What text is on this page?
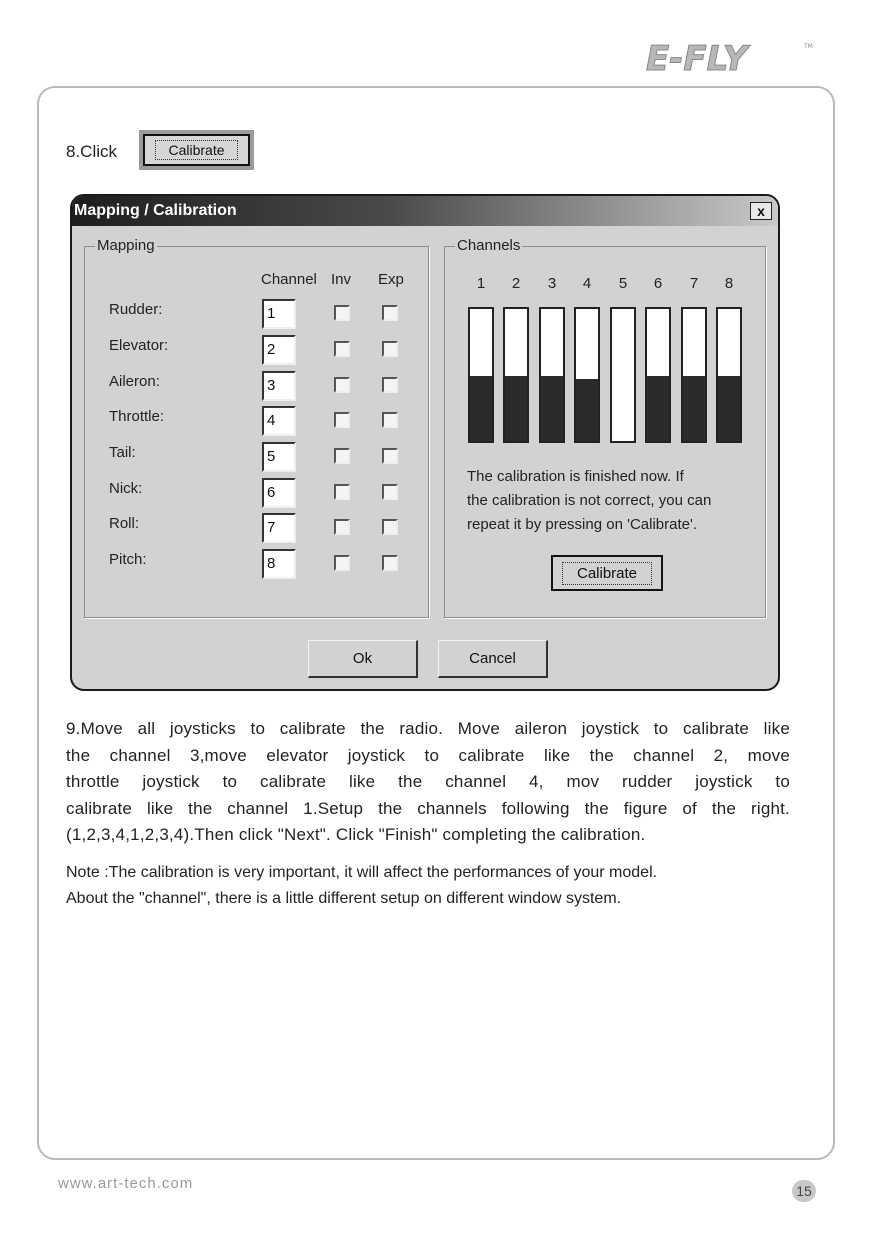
E-FLY	TM
8.Click	Calibrate
Mapping / Calibration	x
Mapping
Channel Inv Exp
Rudder:	1
Elevator:	2
Aileron:	3
Throttle:	4
Tail:	5
Nick:	6
Roll:	7
Pitch:	8
Channels
1	2	3	4	5	6	7	8
The calibration is finished now. If
the calibration is not correct, you can
repeat it by pressing on 'Calibrate'.
Calibrate
Ok	Cancel
9.Move all joysticks to calibrate the radio. Move aileron joystick to calibrate like
the channel 3,move elevator joystick to calibrate like the channel 2, move
throttle joystick to calibrate like the channel 4, mov rudder joystick to
calibrate like the channel 1.Setup the channels following the figure of the right.
(1,2,3,4,1,2,3,4).Then click "Next". Click "Finish" completing the calibration.
Note :The calibration is very important, it will affect the performances of your model.
About the "channel", there is a little different setup on different window system.
www.art-tech.com	15
